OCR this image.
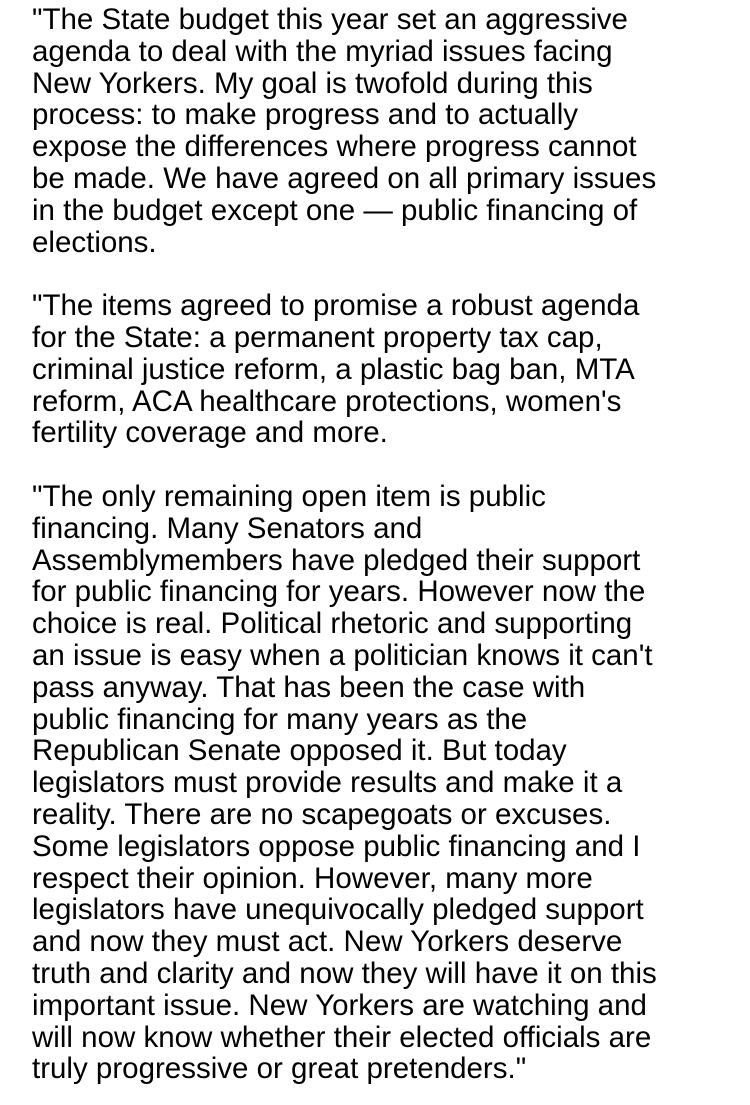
"The State budget this year set an aggressive
agenda to deal with the myriad issues facing
New Yorkers. My goal is twofold during this
process: to make progress and to actually
expose the differences where progress cannot
be made. We have agreed on all primary issues
in the budget except one — public financing of
elections.

"The items agreed to promise a robust agenda
for the State: a permanent property tax cap,
criminal justice reform, a plastic bag ban, MTA
reform, ACA healthcare protections, women's
fertility coverage and more.

"The only remaining open item is public
financing. Many Senators and
Assemblymembers have pledged their support
for public financing for years. However now the
choice is real. Political rhetoric and supporting
an issue is easy when a politician knows it can't
pass anyway. That has been the case with
public financing for many years as the
Republican Senate opposed it. But today
legislators must provide results and make it a
reality. There are no scapegoats or excuses.
Some legislators oppose public financing and I
respect their opinion. However, many more
legislators have unequivocally pledged support
and now they must act. New Yorkers deserve
truth and clarity and now they will have it on this
important issue. New Yorkers are watching and
will now know whether their elected officials are
truly progressive or great pretenders."
